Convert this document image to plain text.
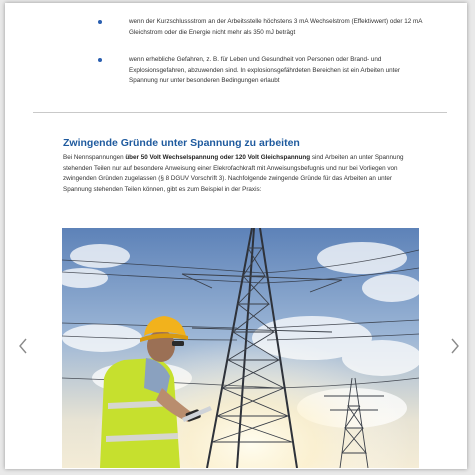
wenn der Kurzschlussstrom an der Arbeitsstelle höchstens 3 mA Wechselstrom (Effektivwert) oder 12 mA Gleichstrom oder die Energie nicht mehr als 350 mJ beträgt
wenn erhebliche Gefahren, z. B. für Leben und Gesundheit von Personen oder Brand- und Explosionsgefahren, abzuwenden sind. In explosionsgefährdeten Bereichen ist ein Arbeiten unter Spannung nur unter besonderen Bedingungen erlaubt
Zwingende Gründe unter Spannung zu arbeiten

Bei Nennspannungen über 50 Volt Wechselspannung oder 120 Volt Gleichspannung sind Arbeiten an unter Spannung stehenden Teilen nur auf besondere Anweisung einer Elekrofachkraft mit Anweisungsbefugnis und nur bei Vorliegen von zwingenden Gründen zugelassen (§ 8 DGUV Vorschrift 3). Nachfolgende zwingende Gründe für das Arbeiten an unter Spannung stehenden Teilen können, gibt es zum Beispiel in der Praxis:
